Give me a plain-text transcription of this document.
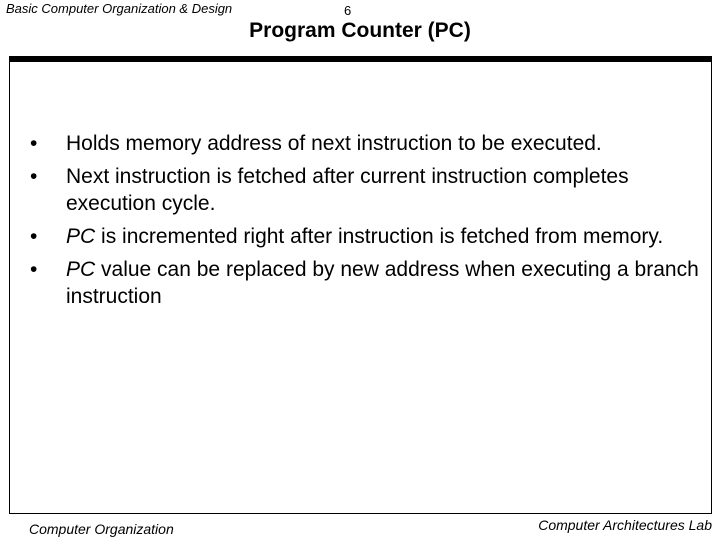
Basic Computer Organization & Design	6
Program Counter (PC)
• Holds memory address of next instruction to be executed.
• Next instruction is fetched after current instruction completes execution cycle.
• PC is incremented right after instruction is fetched from memory.
• PC value can be replaced by new address when executing a branch instruction
Computer Organization	Computer Architectures Lab
